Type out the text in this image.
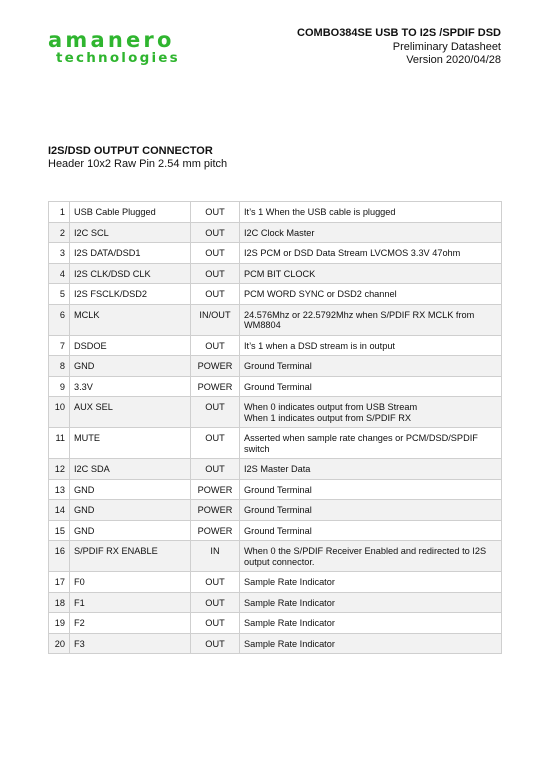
amanero
technologies
COMBO384SE USB TO I2S /SPDIF DSD
Preliminary Datasheet
Version 2020/04/28
I2S/DSD OUTPUT CONNECTOR
Header 10x2 Raw Pin 2.54 mm pitch
1	USB Cable Plugged	OUT	It’s 1 When the USB cable is plugged
2	I2C SCL	OUT	I2C Clock Master
3	I2S DATA/DSD1	OUT	I2S PCM or DSD Data Stream LVCMOS 3.3V 47ohm
4	I2S CLK/DSD CLK	OUT	PCM BIT CLOCK
5	I2S FSCLK/DSD2	OUT	PCM WORD SYNC or DSD2 channel
6	MCLK	IN/OUT	24.576Mhz or 22.5792Mhz when S/PDIF RX MCLK from WM8804
7	DSDOE	OUT	It’s 1 when a DSD stream is in output
8	GND	POWER	Ground Terminal
9	3.3V	POWER	Ground Terminal
10	AUX SEL	OUT	When 0 indicates output from USB Stream
When 1 indicates output from S/PDIF RX
11	MUTE	OUT	Asserted when sample rate changes or PCM/DSD/SPDIF switch
12	I2C SDA	OUT	I2S Master Data
13	GND	POWER	Ground Terminal
14	GND	POWER	Ground Terminal
15	GND	POWER	Ground Terminal
16	S/PDIF RX ENABLE	IN	When 0 the S/PDIF Receiver Enabled and redirected to I2S output connector.
17	F0	OUT	Sample Rate Indicator
18	F1	OUT	Sample Rate Indicator
19	F2	OUT	Sample Rate Indicator
20	F3	OUT	Sample Rate Indicator
